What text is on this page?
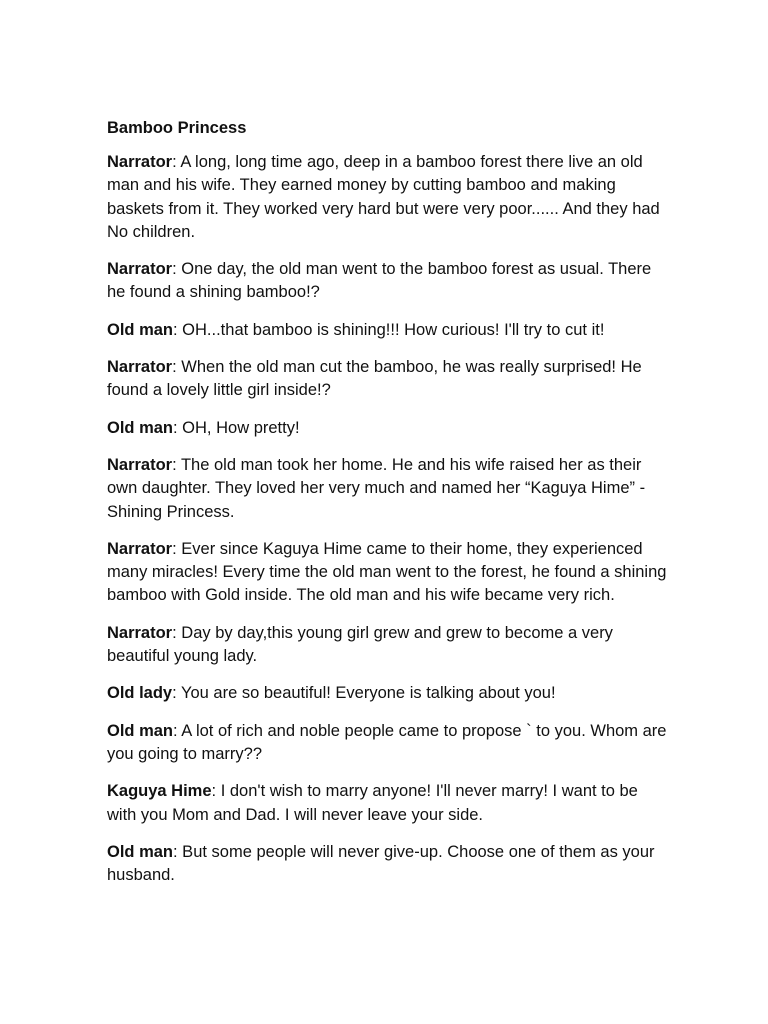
Bamboo Princess

Narrator: A long, long time ago, deep in a bamboo forest there live an old man and his wife. They earned money by cutting bamboo and making baskets from it. They worked very hard but were very poor...... And they had No children.

Narrator: One day, the old man went to the bamboo forest as usual. There he found a shining bamboo!?

Old man: OH...that bamboo is shining!!! How curious! I'll try to cut it!

Narrator: When the old man cut the bamboo, he was really surprised! He found a lovely little girl inside!?

Old man: OH, How pretty!

Narrator: The old man took her home. He and his wife raised her as their own daughter. They loved her very much and named her “Kaguya Hime” - Shining Princess.

Narrator: Ever since Kaguya Hime came to their home, they experienced many miracles! Every time the old man went to the forest, he found a shining bamboo with Gold inside. The old man and his wife became very rich.

Narrator: Day by day,this young girl grew and grew to become a very beautiful young lady.

Old lady: You are so beautiful! Everyone is talking about you!

Old man: A lot of rich and noble people came to propose ` to you. Whom are you going to marry??

Kaguya Hime: I don't wish to marry anyone! I'll never marry! I want to be with you Mom and Dad. I will never leave your side.

Old man: But some people will never give-up. Choose one of them as your husband.
